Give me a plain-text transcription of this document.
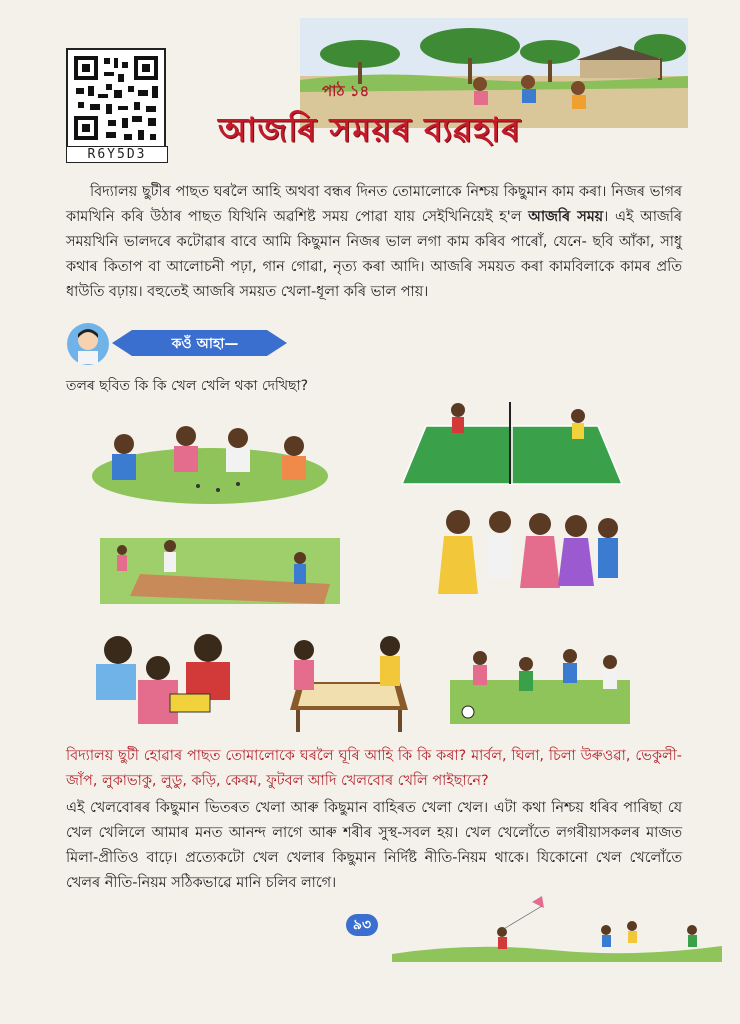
R6Y5D3
পাঠ ১৪
আজৰি সময়ৰ ব্যৱহাৰ
বিদ্যালয় ছুটীৰ পাছত ঘৰলৈ আহি অথবা বন্ধৰ দিনত তোমালোকে নিশ্চয় কিছুমান কাম কৰা। নিজৰ ভাগৰ কামখিনি কৰি উঠাৰ পাছত যিখিনি অৱশিষ্ট সময় পোৱা যায় সেইখিনিয়েই হ'ল আজৰি সময়। এই আজৰি সময়খিনি ভালদৰে কটোৱাৰ বাবে আমি কিছুমান নিজৰ ভাল লগা কাম কৰিব পাৰোঁ, যেনে- ছবি আঁকা, সাধু কথাৰ কিতাপ বা আলোচনী পঢ়া, গান গোৱা, নৃত্য কৰা আদি। আজৰি সময়ত কৰা কামবিলাকে কামৰ প্ৰতি ধাউতি বঢ়ায়। বহুতেই আজৰি সময়ত খেলা-ধূলা কৰি ভাল পায়।
কওঁ আহা—
তলৰ ছবিত কি কি খেল খেলি থকা দেখিছা?
বিদ্যালয় ছুটী হোৱাৰ পাছত তোমালোকে ঘৰলৈ ঘূৰি আহি কি কি কৰা? মাৰ্বল, ঘিলা, চিলা উৰুওৱা, ভেকুলী-জাঁপ, লুকাভাকু, লুডু, কড়ি, কেৰম, ফুটবল আদি খেলবোৰ খেলি পাইছানে?
এই খেলবোৰৰ কিছুমান ভিতৰত খেলা আৰু কিছুমান বাহিৰত খেলা খেল। এটা কথা নিশ্চয় ধৰিব পাৰিছা যে খেল খেলিলে আমাৰ মনত আনন্দ লাগে আৰু শৰীৰ সুস্থ-সবল হয়। খেল খেলোঁতে লগৰীয়াসকলৰ মাজত মিলা-প্ৰীতিও বাঢ়ে। প্ৰত্যেকটো খেল খেলাৰ কিছুমান নিৰ্দিষ্ট নীতি-নিয়ম থাকে। যিকোনো খেল খেলোঁতে খেলৰ নীতি-নিয়ম সঠিকভাৱে মানি চলিব লাগে।
৯৩
